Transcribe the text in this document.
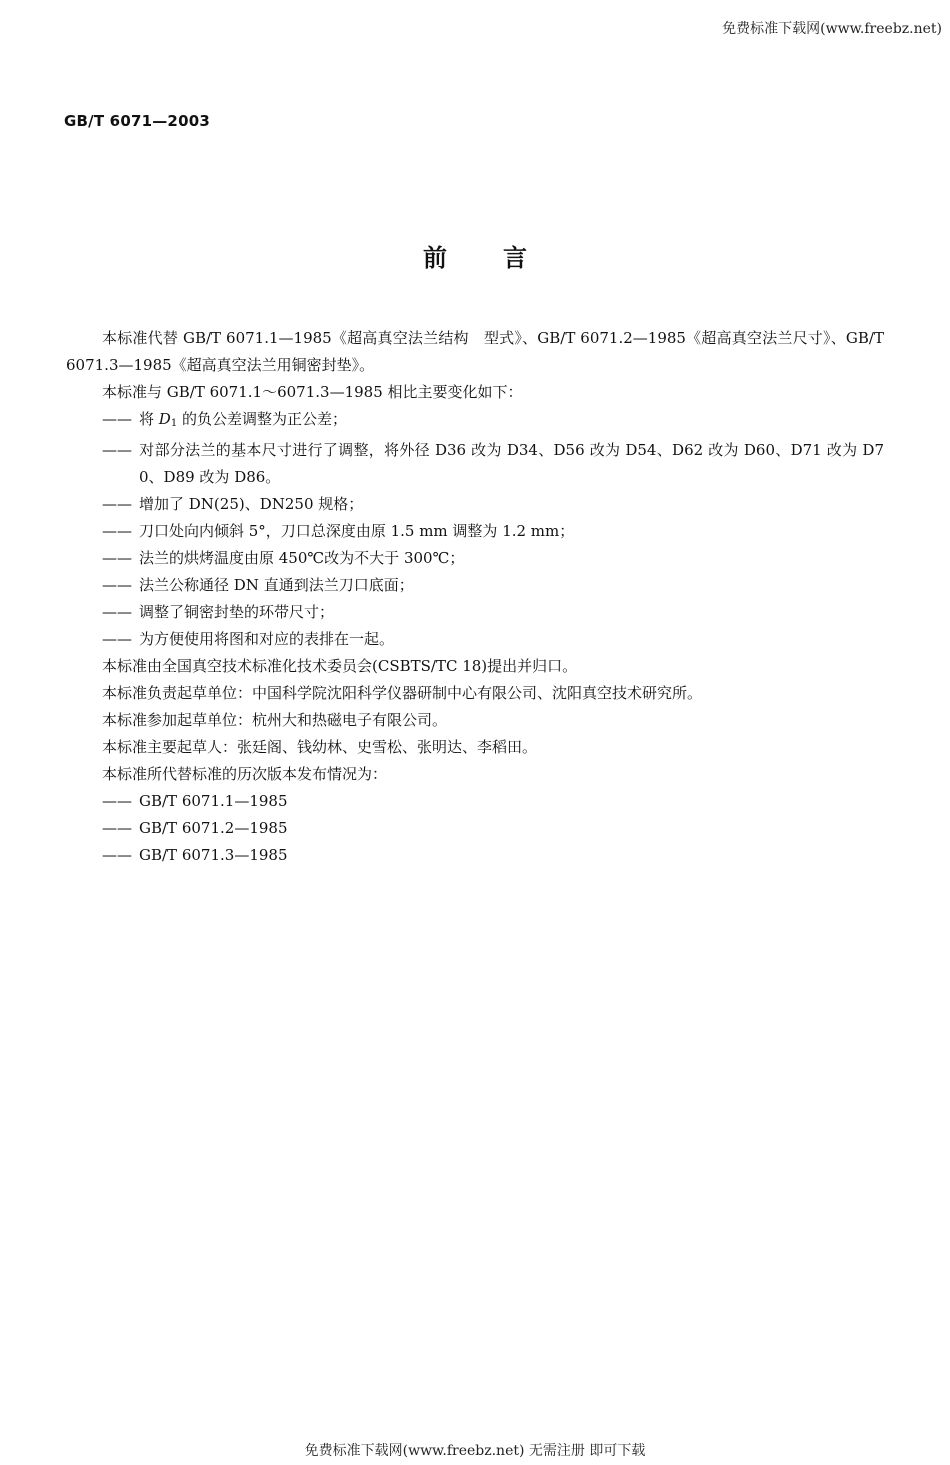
免费标准下载网(www.freebz.net)
GB/T 6071—2003
前言

本标准代替 GB/T 6071.1—1985《超高真空法兰结构　型式》、GB/T 6071.2—1985《超高真空法兰尺寸》、GB/T 6071.3—1985《超高真空法兰用铜密封垫》。

本标准与 GB/T 6071.1～6071.3—1985 相比主要变化如下：

—— 将 D1 的负公差调整为正公差；

—— 对部分法兰的基本尺寸进行了调整，将外径 D36 改为 D34、D56 改为 D54、D62 改为 D60、D71 改为 D70、D89 改为 D86。

—— 增加了 DN(25)、DN250 规格；

—— 刀口处向内倾斜 5°，刀口总深度由原 1.5 mm 调整为 1.2 mm；

—— 法兰的烘烤温度由原 450℃改为不大于 300℃；

—— 法兰公称通径 DN 直通到法兰刀口底面；

—— 调整了铜密封垫的环带尺寸；

—— 为方便使用将图和对应的表排在一起。

本标准由全国真空技术标准化技术委员会(CSBTS/TC 18)提出并归口。

本标准负责起草单位：中国科学院沈阳科学仪器研制中心有限公司、沈阳真空技术研究所。

本标准参加起草单位：杭州大和热磁电子有限公司。

本标准主要起草人：张廷阁、钱幼林、史雪松、张明达、李稻田。

本标准所代替标准的历次版本发布情况为：

—— GB/T 6071.1—1985

—— GB/T 6071.2—1985

—— GB/T 6071.3—1985

免费标准下载网(www.freebz.net) 无需注册 即可下载
